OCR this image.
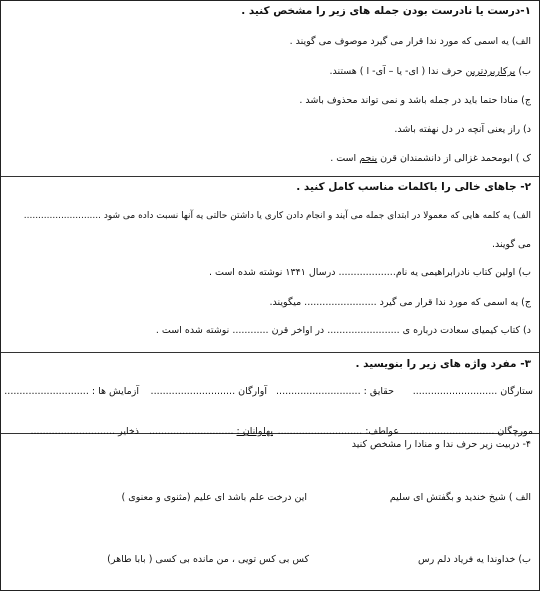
۱-درست یا نادرست بودن جمله های زیر را مشخص کنید .
الف) یه اسمی که مورد ندا قرار می گیرد موصوف می گویند .
ب) پرکاربردترین حرف ندا ( ای- یا – آی- ا ) هستند.
ج) منادا حتما باید در جمله باشد و نمی تواند محذوف باشد .
د) راز یعنی آنچه در دل نهفته باشد.
ک ) ابومحمد غزالی از دانشمندان قرن پنجم است .
۲- جاهای خالی را باکلمات مناسب کامل کنید .
الف) یه کلمه هایی که معمولا در ابتدای جمله می آیند و انجام دادن کاری یا داشتن حالتی یه آنها نسبت داده می شود ...........................
می گویند.
ب) اولین کتاب نادرابراهیمی یه نام................... درسال ۱۳۴۱ نوشته شده است .
ج) یه اسمی که مورد ندا قرار می گیرد ........................ میگویند.
د) کتاب کیمیای سعادت درباره ی ........................ در اواخر قرن ............ نوشته شده است .
۳- مفرد واژه های زیر را بنویسید .
ستارگان ............................
حقایق : ............................
آوارگان ............................
آزمایش ها : ............................
مورچگان ............................
عواطف: ............................
پهلوانان : ............................
ذخایر ............................
۴- دربیت زیر حرف ندا و منادا را مشخص کنید
الف ) شیخ خندید و بگفتش ای سلیم
این درخت علم باشد ای علیم (مثنوی و معنوی )
ب) خداوندا یه فریاد دلم رس
کس بی کس تویی ، من مانده بی کسی ( بابا طاهر)
